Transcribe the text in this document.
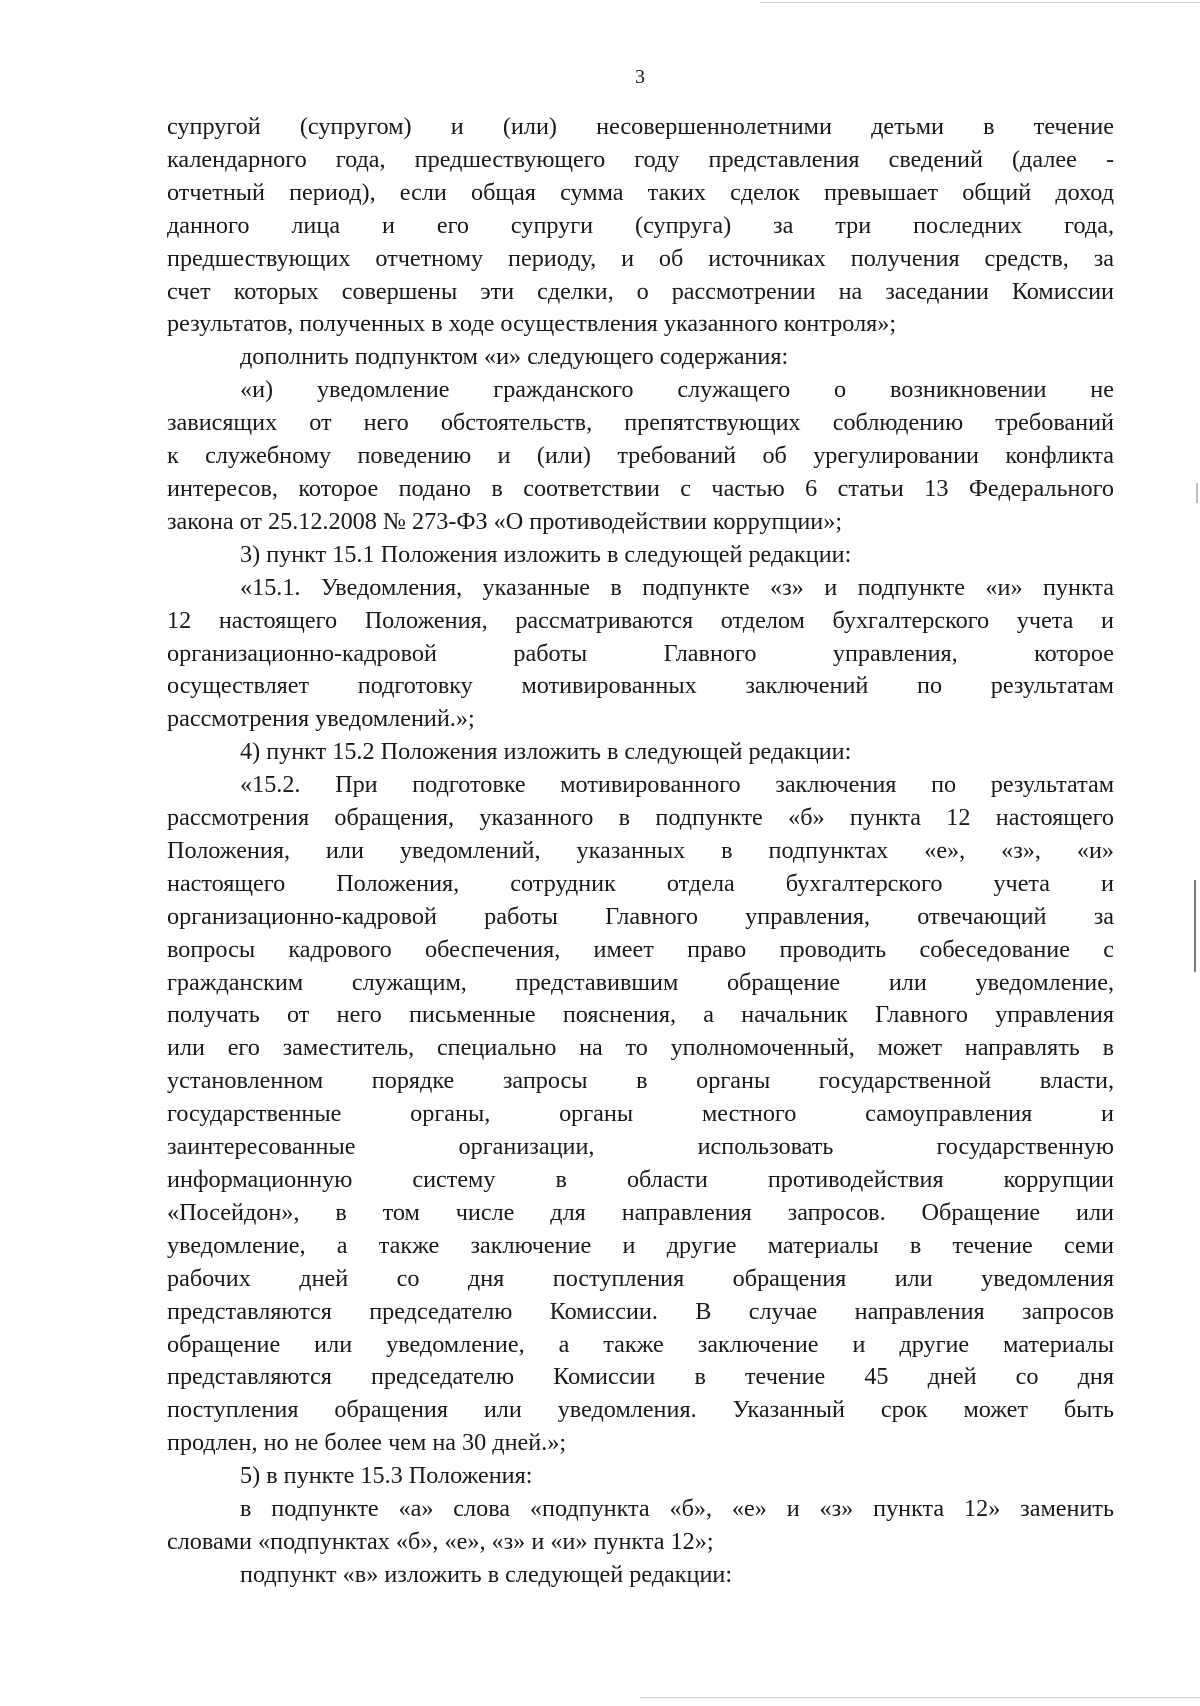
3
супругой (супругом) и (или) несовершеннолетними детьми в течение
календарного года, предшествующего году представления сведений (далее -
отчетный период), если общая сумма таких сделок превышает общий доход
данного лица и его супруги (супруга) за три последних года,
предшествующих отчетному периоду, и об источниках получения средств, за
счет которых совершены эти сделки, о рассмотрении на заседании Комиссии
результатов, полученных в ходе осуществления указанного контроля»;
дополнить подпунктом «и» следующего содержания:
«и) уведомление гражданского служащего о возникновении не
зависящих от него обстоятельств, препятствующих соблюдению требований
к служебному поведению и (или) требований об урегулировании конфликта
интересов, которое подано в соответствии с частью 6 статьи 13 Федерального
закона от 25.12.2008 № 273-ФЗ «О противодействии коррупции»;
3) пункт 15.1 Положения изложить в следующей редакции:
«15.1. Уведомления, указанные в подпункте «з» и подпункте «и» пункта
12 настоящего Положения, рассматриваются отделом бухгалтерского учета и
организационно-кадровой работы Главного управления, которое
осуществляет подготовку мотивированных заключений по результатам
рассмотрения уведомлений.»;
4) пункт 15.2 Положения изложить в следующей редакции:
«15.2. При подготовке мотивированного заключения по результатам
рассмотрения обращения, указанного в подпункте «б» пункта 12 настоящего
Положения, или уведомлений, указанных в подпунктах «е», «з», «и»
настоящего Положения, сотрудник отдела бухгалтерского учета и
организационно-кадровой работы Главного управления, отвечающий за
вопросы кадрового обеспечения, имеет право проводить собеседование с
гражданским служащим, представившим обращение или уведомление,
получать от него письменные пояснения, а начальник Главного управления
или его заместитель, специально на то уполномоченный, может направлять в
установленном порядке запросы в органы государственной власти,
государственные органы, органы местного самоуправления и
заинтересованные организации, использовать государственную
информационную систему в области противодействия коррупции
«Посейдон», в том числе для направления запросов. Обращение или
уведомление, а также заключение и другие материалы в течение семи
рабочих дней со дня поступления обращения или уведомления
представляются председателю Комиссии. В случае направления запросов
обращение или уведомление, а также заключение и другие материалы
представляются председателю Комиссии в течение 45 дней со дня
поступления обращения или уведомления. Указанный срок может быть
продлен, но не более чем на 30 дней.»;
5) в пункте 15.3 Положения:
в подпункте «а» слова «подпункта «б», «е» и «з» пункта 12» заменить
словами «подпунктах «б», «е», «з» и «и» пункта 12»;
подпункт «в» изложить в следующей редакции:
